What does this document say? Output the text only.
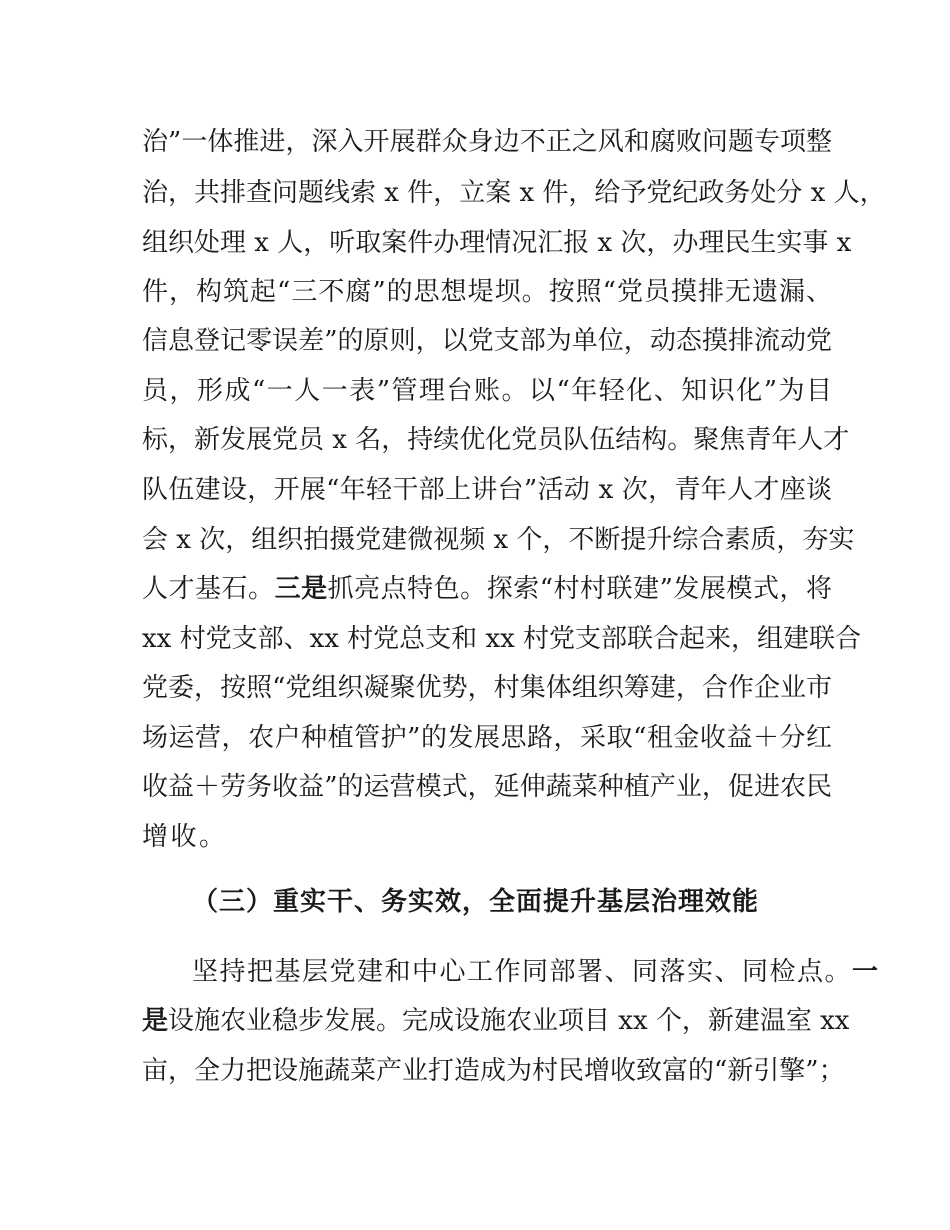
治”一体推进，深入开展群众身边不正之风和腐败问题专项整
治，共排查问题线索 x 件，立案 x 件，给予党纪政务处分 x 人，
组织处理 x 人，听取案件办理情况汇报 x 次，办理民生实事 x
件，构筑起“三不腐”的思想堤坝。按照“党员摸排无遗漏、
信息登记零误差”的原则，以党支部为单位，动态摸排流动党
员，形成“一人一表”管理台账。以“年轻化、知识化”为目
标，新发展党员 x 名，持续优化党员队伍结构。聚焦青年人才
队伍建设，开展“年轻干部上讲台”活动 x 次，青年人才座谈
会 x 次，组织拍摄党建微视频 x 个，不断提升综合素质，夯实
人才基石。三是抓亮点特色。探索“村村联建”发展模式，将
xx 村党支部、xx 村党总支和 xx 村党支部联合起来，组建联合
党委，按照“党组织凝聚优势，村集体组织筹建，合作企业市
场运营，农户种植管护”的发展思路，采取“租金收益＋分红
收益＋劳务收益”的运营模式，延伸蔬菜种植产业，促进农民
增收。
（三）重实干、务实效，全面提升基层治理效能
坚持把基层党建和中心工作同部署、同落实、同检点。一
是设施农业稳步发展。完成设施农业项目 xx 个，新建温室 xx
亩，全力把设施蔬菜产业打造成为村民增收致富的“新引擎”；
